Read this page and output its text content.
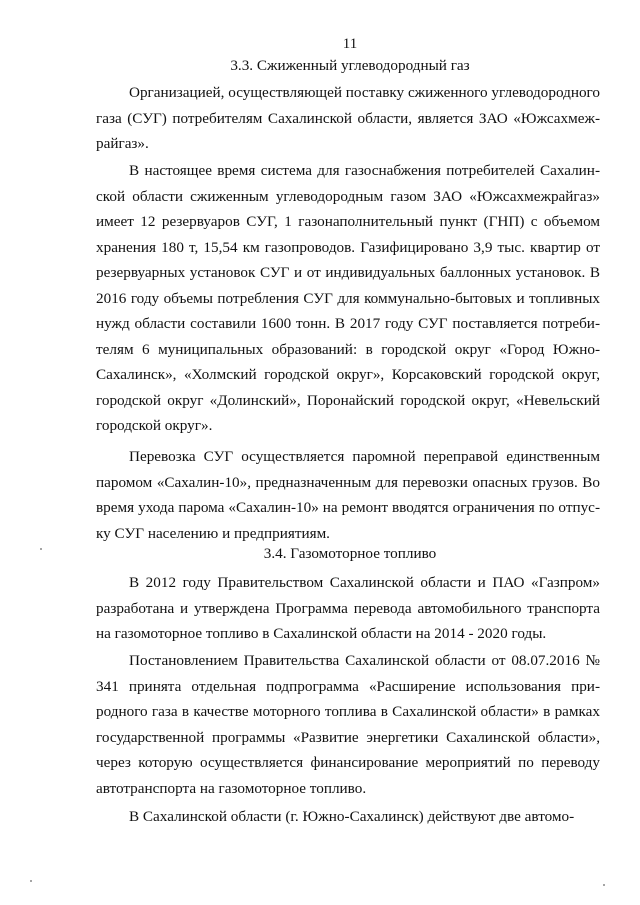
11
3.3. Сжиженный углеводородный газ

Организацией, осуществляющей поставку сжиженного углеводородного газа (СУГ) потребителям Сахалинской области, является ЗАО «Южсахмежрайгаз».

В настоящее время система для газоснабжения потребителей Сахалинской области сжиженным углеводородным газом ЗАО «Южсахмежрайгаз» имеет 12 резервуаров СУГ, 1 газонаполнительный пункт (ГНП) с объемом хранения 180 т, 15,54 км газопроводов. Газифицировано 3,9 тыс. квартир от резервуарных установок СУГ и от индивидуальных баллонных установок. В 2016 году объемы потребления СУГ для коммунально-бытовых и топливных нужд области составили 1600 тонн. В 2017 году СУГ поставляется потребителям 6 муниципальных образований: в городской округ «Город Южно-Сахалинск», «Холмский городской округ», Корсаковский городской округ, городской округ «Долинский», Поронайский городской округ, «Невельский городской округ».

Перевозка СУГ осуществляется паромной переправой единственным паромом «Сахалин-10», предназначенным для перевозки опасных грузов. Во время ухода парома «Сахалин-10» на ремонт вводятся ограничения по отпуску СУГ населению и предприятиям.

3.4. Газомоторное топливо

В 2012 году Правительством Сахалинской области и ПАО «Газпром» разработана и утверждена Программа перевода автомобильного транспорта на газомоторное топливо в Сахалинской области на 2014 - 2020 годы.

Постановлением Правительства Сахалинской области от 08.07.2016 № 341 принята отдельная подпрограмма «Расширение использования природного газа в качестве моторного топлива в Сахалинской области» в рамках государственной программы «Развитие энергетики Сахалинской области», через которую осуществляется финансирование мероприятий по переводу автотранспорта на газомоторное топливо.

В Сахалинской области (г. Южно-Сахалинск) действуют две автомо-
